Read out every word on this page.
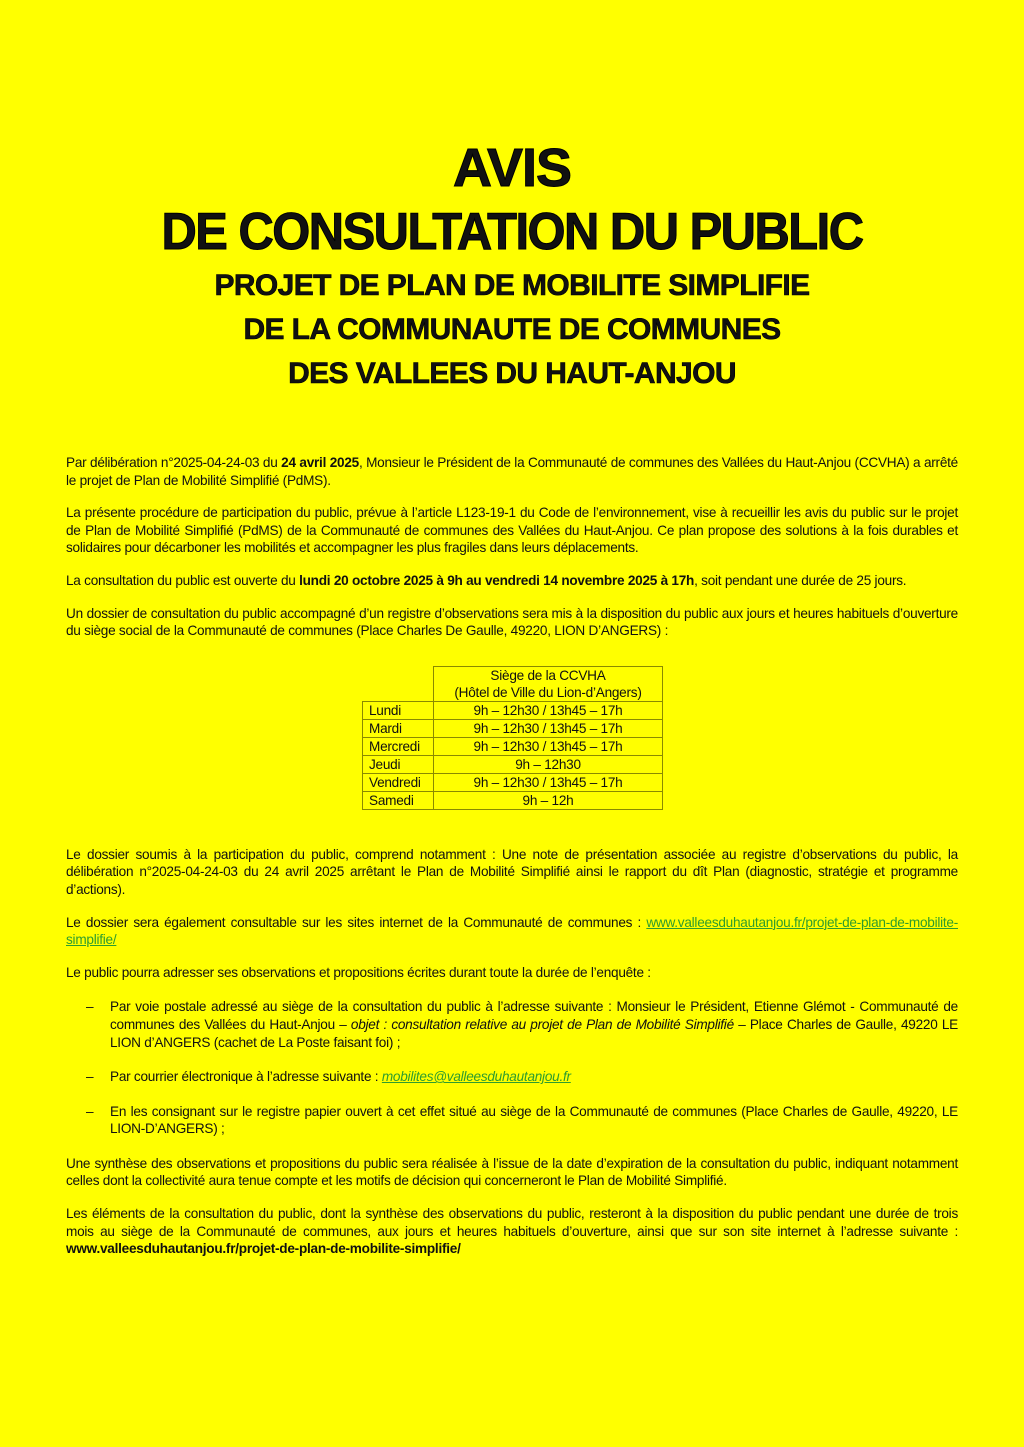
AVIS
DE CONSULTATION DU PUBLIC
PROJET DE PLAN DE MOBILITE SIMPLIFIE
DE LA COMMUNAUTE DE COMMUNES
DES VALLEES DU HAUT-ANJOU

Par délibération n°2025-04-24-03 du 24 avril 2025, Monsieur le Président de la Communauté de communes des Vallées du Haut-Anjou (CCVHA) a arrêté le projet de Plan de Mobilité Simplifié (PdMS).

La présente procédure de participation du public, prévue à l’article L123-19-1 du Code de l’environnement, vise à recueillir les avis du public sur le projet de Plan de Mobilité Simplifié (PdMS) de la Communauté de communes des Vallées du Haut-Anjou. Ce plan propose des solutions à la fois durables et solidaires pour décarboner les mobilités et accompagner les plus fragiles dans leurs déplacements.

La consultation du public est ouverte du lundi 20 octobre 2025 à 9h au vendredi 14 novembre 2025 à 17h, soit pendant une durée de 25 jours.

Un dossier de consultation du public accompagné d’un registre d’observations sera mis à la disposition du public aux jours et heures habituels d’ouverture du siège social de la Communauté de communes (Place Charles De Gaulle, 49220, LION D’ANGERS) :

	Siège de la CCVHA
(Hôtel de Ville du Lion-d’Angers)
Lundi	9h – 12h30 / 13h45 – 17h
Mardi	9h – 12h30 / 13h45 – 17h
Mercredi	9h – 12h30 / 13h45 – 17h
Jeudi	9h – 12h30
Vendredi	9h – 12h30 / 13h45 – 17h
Samedi	9h – 12h

Le dossier soumis à la participation du public, comprend notamment : Une note de présentation associée au registre d’observations du public, la délibération n°2025-04-24-03 du 24 avril 2025 arrêtant le Plan de Mobilité Simplifié ainsi le rapport du dît Plan (diagnostic, stratégie et programme d’actions).

Le dossier sera également consultable sur les sites internet de la Communauté de communes : www.valleesduhautanjou.fr/projet-de-plan-de-mobilite-simplifie/

Le public pourra adresser ses observations et propositions écrites durant toute la durée de l’enquête :

– Par voie postale adressé au siège de la consultation du public à l’adresse suivante : Monsieur le Président, Etienne Glémot - Communauté de communes des Vallées du Haut-Anjou – objet : consultation relative au projet de Plan de Mobilité Simplifié – Place Charles de Gaulle, 49220 LE LION d’ANGERS (cachet de La Poste faisant foi) ;
– Par courrier électronique à l’adresse suivante : mobilites@valleesduhautanjou.fr
– En les consignant sur le registre papier ouvert à cet effet situé au siège de la Communauté de communes (Place Charles de Gaulle, 49220, LE LION-D’ANGERS) ;

Une synthèse des observations et propositions du public sera réalisée à l’issue de la date d’expiration de la consultation du public, indiquant notamment celles dont la collectivité aura tenue compte et les motifs de décision qui concerneront le Plan de Mobilité Simplifié.

Les éléments de la consultation du public, dont la synthèse des observations du public, resteront à la disposition du public pendant une durée de trois mois au siège de la Communauté de communes, aux jours et heures habituels d’ouverture, ainsi que sur son site internet à l’adresse suivante : www.valleesduhautanjou.fr/projet-de-plan-de-mobilite-simplifie/
